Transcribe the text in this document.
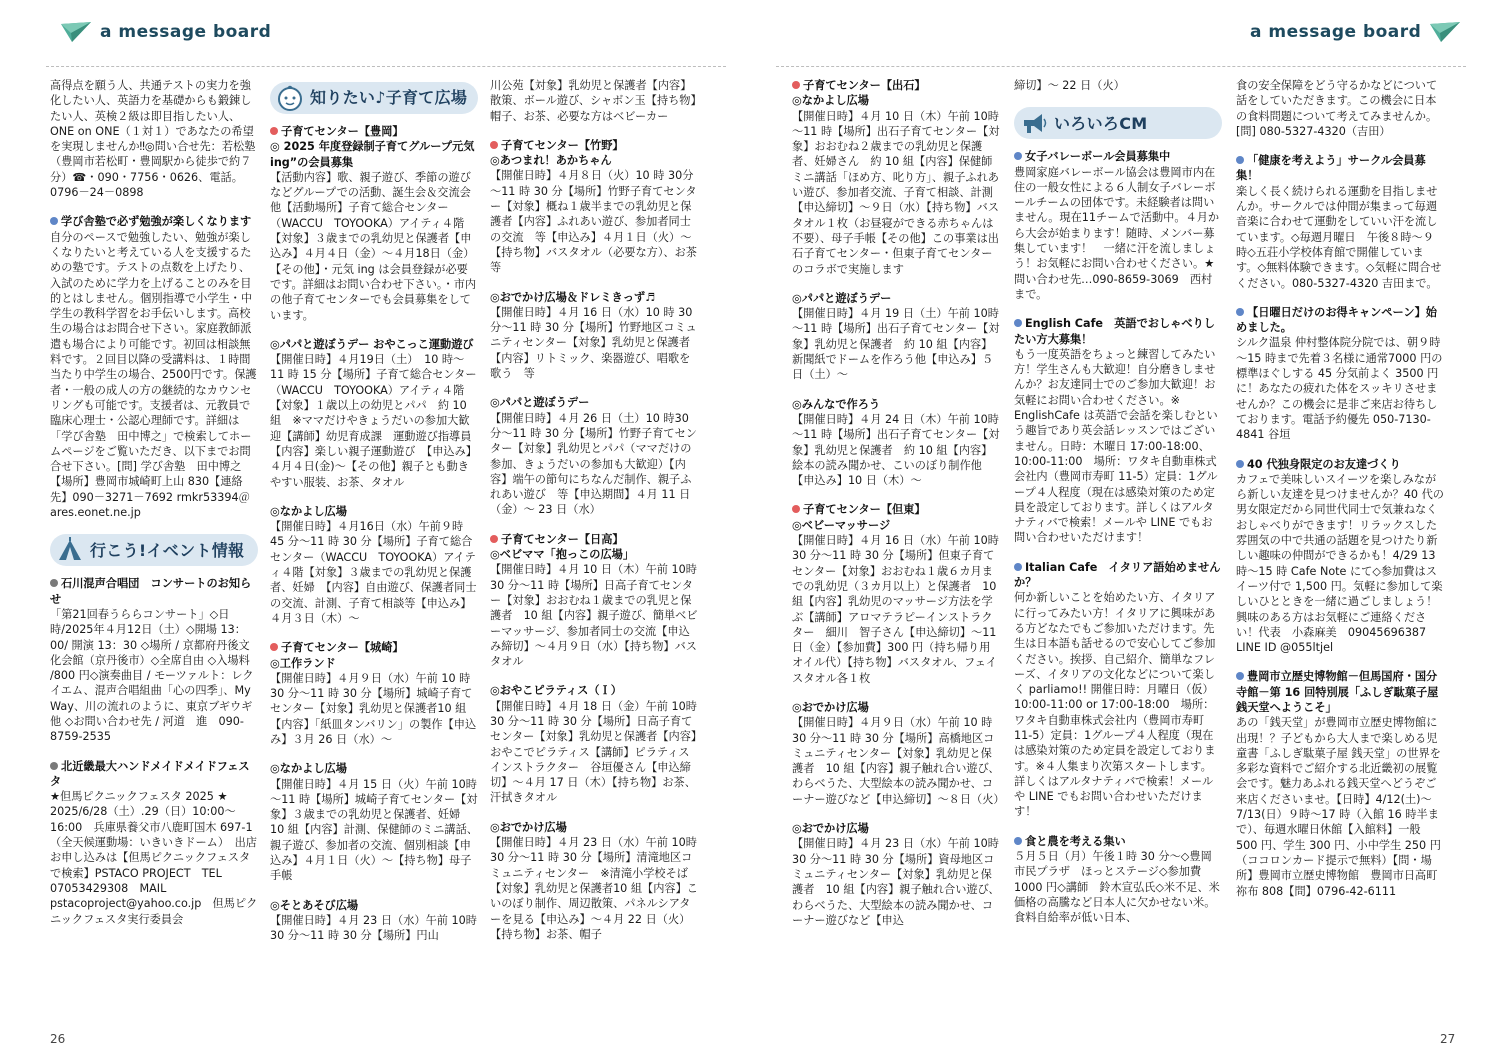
a message board

高得点を願う人、共通テストの実力を強化したい人、英語力を基礎からも鍛錬したい人、英検２級は即目指したい人、ONE on ONE（１対１）であなたの希望を実現しませんか‼◎問い合せ先：若松塾（豊岡市若松町・豊岡駅から徒歩で約７分）☎・090・7756・0626、電話。0796－24－0898

学び舎塾で必ず勉強が楽しくなります

自分のペースで勉強したい、勉強が楽しくなりたいと考えている人を支援するための塾です。テストの点数を上げたり、入試のために学力を上げることのみを目的とはしません。個別指導で小学生・中学生の教科学習をお手伝いします。高校生の場合はお問合せ下さい。家庭教師派遣も場合により可能です。初回は相談無料です。２回目以降の受講料は、１時間当たり中学生の場合、2500円です。保護者・一般の成人の方の継続的なカウンセリングも可能です。支援者は、元教員で臨床心理士・公認心理師です。詳細は「学び舎塾　田中博之」で検索してホームページをご覧いただき、以下までお問合せ下さい。[問] 学び舎塾　田中博之【場所】豊岡市城崎町上山 830【連絡先】090－3271－7692 rmkr53394＠ares.eonet.ne.jp

行こう!イベント情報

石川混声合唱団　コンサートのお知らせ

「第21回春うららコンサート」◇日時/2025年４月12日（土）◇開場 13：00/ 開演 13：30 ◇場所 / 京都府丹後文化会館（京丹後市）◇全席自由 ◇入場料 /800 円◇演奏曲目 / モーツァルト：レクイエム、混声合唱組曲「心の四季」、My Way、川の流れのように、東京ブギウギ　他 ◇お問い合わせ先 / 河道　進　090-8759-2535

北近畿最大ハンドメイドメイドフェスタ

★但馬ピクニックフェスタ 2025 ★ 2025/6/28（土）.29（日）10:00～16:00　兵庫県養父市八鹿町国木 697-1（全天候運動場：いきいきドーム）　出店お申し込みは【但馬ピクニックフェスタで検索】PSTACO PROJECT　TEL 07053429308　MAIL pstacoproject@yahoo.co.jp　但馬ピクニックフェスタ実行委員会

知りたい♪子育て広場

子育てセンター【豊岡】

◎ 2025 年度登録制子育てグループ元気 ing”の会員募集

【活動内容】歌、親子遊び、季節の遊びなどグループでの活動、誕生会＆交流会　他【活動場所】子育て総合センター（WACCU　TOYOOKA）アイティ４階【対象】３歳までの乳幼児と保護者【申込み】４月４日（金）～４月18日（金）【その他】・元気 ing は会員登録が必要です。詳細はお問い合わせ下さい。・市内の他子育てセンターでも会員募集をしています。

◎パパと遊ぼうデー おやこっこ運動遊び

【開催日時】４月19日（土）　10 時～11 時 15 分【場所】子育て総合センター（WACCU　TOYOOKA）アイティ４階【対象】１歳以上の幼児とパパ　約 10 組　※ママだけやきょうだいの参加大歓迎【講師】幼児育成課　運動遊び指導員【内容】楽しい親子運動遊び　【申込み】４月４日(金)～【その他】親子とも動きやすい服装、お茶、タオル

◎なかよし広場

【開催日時】４月16日（水）午前９時 45 分～11 時 30 分【場所】子育て総合センター（WACCU　TOYOOKA）アイティ４階【対象】３歳までの乳幼児と保護者、妊婦　【内容】自由遊び、保護者同士の交流、計測、子育て相談等【申込み】４月３日（木）～

子育てセンター【城崎】

◎工作ランド

【開催日時】４月９日（水）午前 10 時30 分～11 時 30 分【場所】城崎子育てセンター【対象】乳幼児と保護者10 組【内容】「紙皿タンバリン」の製作【申込み】３月 26 日（水）～

◎なかよし広場

【開催日時】４月 15 日（火）午前 10時～11 時【場所】城崎子育てセンター【対象】３歳までの乳幼児と保護者、妊婦　10 組【内容】計測、保健師のミニ講話、親子遊び、参加者の交流、個別相談【申込み】４月１日（火）～【持ち物】母子手帳

◎そとあそび広場

【開催日時】４月 23 日（水）午前 10時 30 分～11 時 30 分【場所】円山

川公苑【対象】乳幼児と保護者【内容】散策、ボール遊び、シャボン玉【持ち物】帽子、お茶、必要な方はベビーカー

子育てセンター【竹野】

◎あつまれ！あかちゃん

【開催日時】４月８日（火）10 時 30分～11 時 30 分【場所】竹野子育てセンター【対象】概ね１歳半までの乳幼児と保護者【内容】ふれあい遊び、参加者同士の交流　等【申込み】４月１日（火）～【持ち物】バスタオル（必要な方）、お茶　等

◎おでかけ広場＆ドレミきっず♬

【開催日時】４月 16 日（水）10 時 30分～11 時 30 分【場所】竹野地区コミュニティセンター【対象】乳幼児と保護者【内容】リトミック、楽器遊び、唱歌を歌う　等

◎パパと遊ぼうデー

【開催日時】４月 26 日（土）10 時30 分～11 時 30 分【場所】竹野子育てセンター【対象】乳幼児とパパ（ママだけの参加、きょうだいの参加も大歓迎）【内容】端午の節句にちなんだ制作、親子ふれあい遊び　等【申込期間】４月 11 日（金）～ 23 日（水）

子育てセンター【日高】

◎ベビママ「抱っこの広場」

【開催日時】４月 10 日（木）午前 10時 30 分～11 時【場所】日高子育てセンター【対象】おおむね１歳までの乳児と保護者　10 組【内容】親子遊び、簡単ベビーマッサージ、参加者同士の交流【申込み締切】～４月９日（水）【持ち物】バスタオル

◎おやこピラティス（Ｉ）

【開催日時】４月 18 日（金）午前 10時 30 分～11 時 30 分【場所】日高子育てセンター【対象】乳幼児と保護者【内容】おやこでピラティス【講師】ピラティスインストラクター　谷垣優さん【申込締切】～４月 17 日（木）【持ち物】お茶、汗拭きタオル

◎おでかけ広場

【開催日時】４月 23 日（水）午前 10時 30 分～11 時 30 分【場所】清滝地区コミュニティセンター　※清滝小学校そば【対象】乳幼児と保護者10 組【内容】こいのぼり制作、周辺散策、パネルシアターを見る【申込み】～４月 22 日（火）【持ち物】お茶、帽子

26
a message board

子育てセンター【出石】

◎なかよし広場

【開催日時】４月 10 日（木）午前 10時～11 時【場所】出石子育てセンター【対象】おおむね２歳までの乳幼児と保護者、妊婦さん　約 10 組【内容】保健師ミニ講話「ほめ方、叱り方」、親子ふれあい遊び、参加者交流、子育て相談、計測【申込締切】～９日（水）【持ち物】バスタオル１枚（お昼寝ができる赤ちゃんは不要）、母子手帳【その他】この事業は出石子育てセンター・但東子育てセンターのコラボで実施します

◎パパと遊ぼうデー

【開催日時】４月 19 日（土）午前 10時～11 時【場所】出石子育てセンター【対象】乳幼児と保護者　約 10 組【内容】新聞紙でドームを作ろう他【申込み】５日（土）～

◎みんなで作ろう

【開催日時】４月 24 日（木）午前 10時～11 時【場所】出石子育てセンター【対象】乳幼児と保護者　約 10 組【内容】絵本の読み聞かせ、こいのぼり制作他【申込み】10 日（木）～

子育てセンター【但東】

◎ベビーマッサージ

【開催日時】４月 16 日（水）午前 10時 30 分～11 時 30 分【場所】但東子育てセンター【対象】おおむね１歳６カ月までの乳幼児（３カ月以上）と保護者　10 組【内容】乳幼児のマッサージ方法を学ぶ【講師】アロマテラピーインストラクター　細川　智子さん【申込締切】～11 日（金）【参加費】300 円（持ち帰り用　オイル代）【持ち物】バスタオル、フェイスタオル各１枚

◎おでかけ広場

【開催日時】４月９日（水）午前 10 時30 分～11 時 30 分【場所】高橋地区コミュニティセンター【対象】乳幼児と保護者　10 組【内容】親子触れ合い遊び、わらべうた、大型絵本の読み聞かせ、コーナー遊びなど【申込締切】～８日（火）

◎おでかけ広場

【開催日時】４月 23 日（水）午前 10時 30 分～11 時 30 分【場所】資母地区コミュニティセンター【対象】乳幼児と保護者　10 組【内容】親子触れ合い遊び、わらべうた、大型絵本の読み聞かせ、コーナー遊びなど【申込

締切】～ 22 日（火）

いろいろCM

女子バレーボール会員募集中

豊岡家庭バレーボール協会は豊岡市内在住の一般女性による６人制女子バレーボールチームの団体です。未経験者は問いません。現在11チームで活動中。４月から大会が始まります！随時、メンバー募集しています！　一緒に汗を流しましょう！お気軽にお問い合わせください。★問い合わせ先…090-8659-3069　西村まで。

English Cafe　英語でおしゃべりしたい方大募集！

もう一度英語をちょっと練習してみたい方！学生さんも大歓迎！自分磨きしませんか？お友達同士でのご参加大歓迎！お気軽にお問い合わせください。※ EnglishCafe は英語で会話を楽しむという趣旨であり英会話レッスンではございません。日時：木曜日 17:00-18:00、10:00-11:00　場所：ワタキ自動車株式会社内（豊岡市寿町 11-5）定員：1グループ４人程度（現在は感染対策のため定員を設定しております。詳しくはアルタナティバで検索！メールや LINE でもお問い合わせいただけます！

Italian Cafe　イタリア語始めませんか？

何か新しいことを始めたい方、イタリアに行ってみたい方！イタリアに興味がある方どなたでもご参加いただけます。先生は日本語も話せるので安心してご参加ください。挨拶、自己紹介、簡単なフレーズ、イタリアの文化などについて楽しく parliamo!! 開催日時：月曜日（仮）10:00-11:00 or 17:00-18:00　場所：ワタキ自動車株式会社内（豊岡市寿町 11-5）定員：1グループ４人程度（現在は感染対策のため定員を設定しております。※４人集まり次第スタートします。詳しくはアルタナティバで検索！メールや LINE でもお問い合わせいただけます！

食と農を考える集い

５月５日（月）午後１時 30 分～◇豊岡市民プラザ　ほっとステージ◇参加費　1000 円◇講師　鈴木宣弘氏◇米不足、米価格の高騰など日本人に欠かせない米。食料自給率が低い日本、

食の安全保障をどう守るかなどについて話をしていただきます。この機会に日本の食料問題について考えてみませんか。[問] 080-5327-4320（吉田）

「健康を考えよう」サークル会員募集！

楽しく長く続けられる運動を目指しませんか。サークルでは仲間が集まって毎週音楽に合わせて運動をしていい汗を流しています。◇毎週月曜日　午後８時～９時◇五荘小学校体育館で開催しています。◇無料体験できます。◇気軽に問合せください。080-5327-4320 吉田まで。

【日曜日だけのお得キャンペーン】始めました。

シルク温泉 仲村整体院分院では、朝９時～15 時まで先着３名様に通常7000 円の標準ほぐしする 45 分気前よく 3500 円に！あなたの疲れた体をスッキリさせませんか？この機会に是非ご来店お待ちしております。電話予約優先 050-7130-4841 谷垣

40 代独身限定のお友達づくり

カフェで美味しいスイーツを楽しみながら新しい友達を見つけませんか？40 代の男女限定だから同世代同士で気兼ねなくおしゃべりができます！リラックスした雰囲気の中で共通の話題を見つけたり新しい趣味の仲間ができるかも！4/29 13 時～15 時 Cafe Note にて◇参加費はスイーツ付で 1,500 円。気軽に参加して楽しいひとときを一緒に過ごしましょう！興味のある方はお気軽にご連絡ください！代表　小森麻美　09045696387　LINE ID @055ltjel

豊岡市立歴史博物館－但馬国府・国分寺館－第 16 回特別展「ふしぎ駄菓子屋 銭天堂へようこそ」

あの「銭天堂」が豊岡市立歴史博物館に出現！？子どもから大人まで楽しめる児童書「ふしぎ駄菓子屋 銭天堂」の世界を多彩な資料でご紹介する北近畿初の展覧会です。魅力あふれる銭天堂へどうぞご来店くださいませ。【日時】4/12(土)～7/13(日）９時～17 時（入館 16 時半まで）、毎週水曜日休館【入館料】一般 500 円、学生 300 円、小中学生 250 円（ココロンカード提示で無料）【問・場所】豊岡市立歴史博物館　豊岡市日高町祢布 808【問】0796-42-6111

27
